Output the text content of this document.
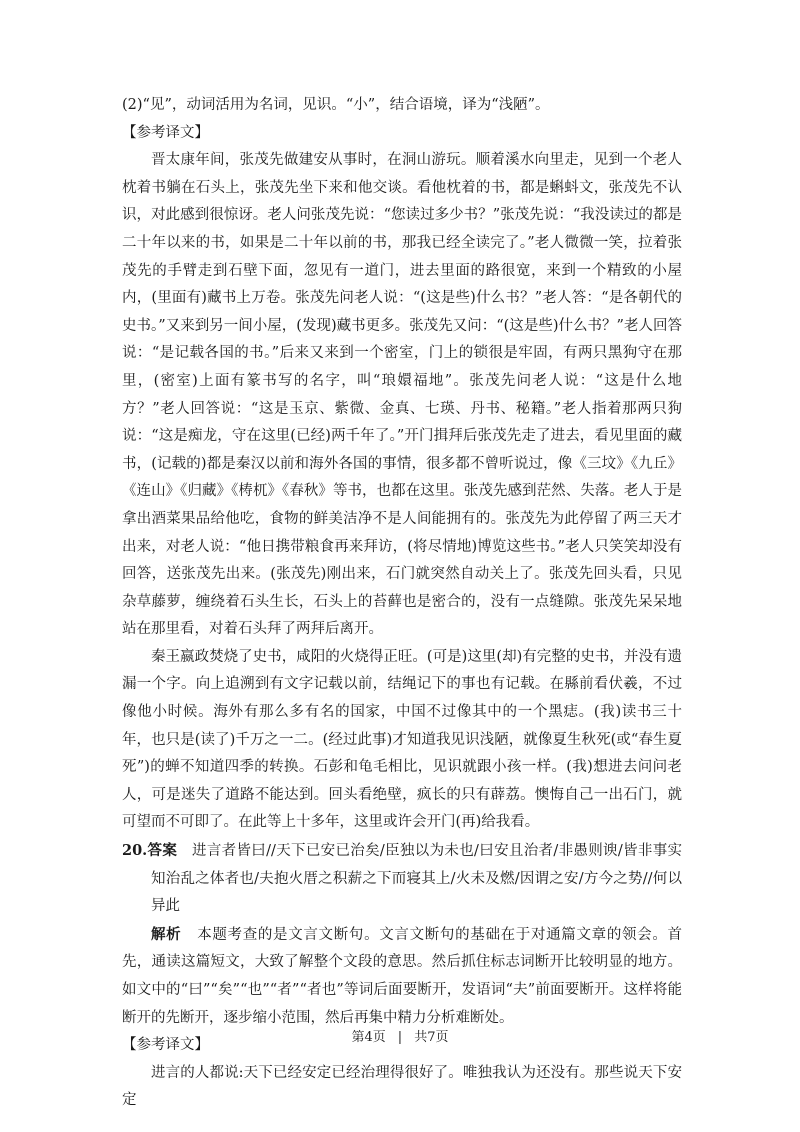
(2)“见”，动词活用为名词，见识。“小”，结合语境，译为“浅陋”。

【参考译文】

晋太康年间，张茂先做建安从事时，在洞山游玩。顺着溪水向里走，见到一个老人枕着书躺在石头上，张茂先坐下来和他交谈。看他枕着的书，都是蝌蚪文，张茂先不认识，对此感到很惊讶。老人问张茂先说：“您读过多少书？”张茂先说：“我没读过的都是二十年以来的书，如果是二十年以前的书，那我已经全读完了。”老人微微一笑，拉着张茂先的手臂走到石壁下面，忽见有一道门，进去里面的路很宽，来到一个精致的小屋内，(里面有)藏书上万卷。张茂先问老人说：“(这是些)什么书？”老人答：“是各朝代的史书。”又来到另一间小屋，(发现)藏书更多。张茂先又问：“(这是些)什么书？”老人回答说：“是记载各国的书。”后来又来到一个密室，门上的锁很是牢固，有两只黑狗守在那里，(密室)上面有篆书写的名字，叫“琅嬛福地”。张茂先问老人说：“这是什么地方？”老人回答说：“这是玉京、紫微、金真、七瑛、丹书、秘籍。”老人指着那两只狗说：“这是痴龙，守在这里(已经)两千年了。”开门揖拜后张茂先走了进去，看见里面的藏书，(记载的)都是秦汉以前和海外各国的事情，很多都不曾听说过，像《三坟》《九丘》《连山》《归藏》《梼杌》《春秋》等书，也都在这里。张茂先感到茫然、失落。老人于是拿出酒菜果品给他吃，食物的鲜美洁净不是人间能拥有的。张茂先为此停留了两三天才出来，对老人说：“他日携带粮食再来拜访，(将尽情地)博览这些书。”老人只笑笑却没有回答，送张茂先出来。(张茂先)刚出来，石门就突然自动关上了。张茂先回头看，只见杂草藤萝，缠绕着石头生长，石头上的苔藓也是密合的，没有一点缝隙。张茂先呆呆地站在那里看，对着石头拜了两拜后离开。

秦王嬴政焚烧了史书，咸阳的火烧得正旺。(可是)这里(却)有完整的史书，并没有遗漏一个字。向上追溯到有文字记载以前，结绳记下的事也有记载。在縣前看伏羲，不过像他小时候。海外有那么多有名的国家，中国不过像其中的一个黑痣。(我)读书三十年，也只是(读了)千万之一二。(经过此事)才知道我见识浅陋，就像夏生秋死(或“春生夏死”)的蝉不知道四季的转换。石彭和龟毛相比，见识就跟小孩一样。(我)想进去问问老人，可是迷失了道路不能达到。回头看绝壁，疯长的只有薜荔。懊悔自己一出石门，就可望而不可即了。在此等上十多年，这里或许会开门(再)给我看。

20.答案 进言者皆曰//天下已安已治矣/臣独以为未也/曰安且治者/非愚则谀/皆非事实知治乱之体者也/夫抱火厝之积薪之下而寝其上/火未及燃/因谓之安/方今之势//何以异此

解析 本题考查的是文言文断句。文言文断句的基础在于对通篇文章的领会。首先，通读这篇短文，大致了解整个文段的意思。然后抓住标志词断开比较明显的地方。如文中的“曰”“矣”“也”“者”“者也”等词后面要断开，发语词“夫”前面要断开。这样将能断开的先断开，逐步缩小范围，然后再集中精力分析难断处。

【参考译文】

进言的人都说:天下已经安定已经治理得很好了。唯独我认为还没有。那些说天下安定

第4页 | 共7页
